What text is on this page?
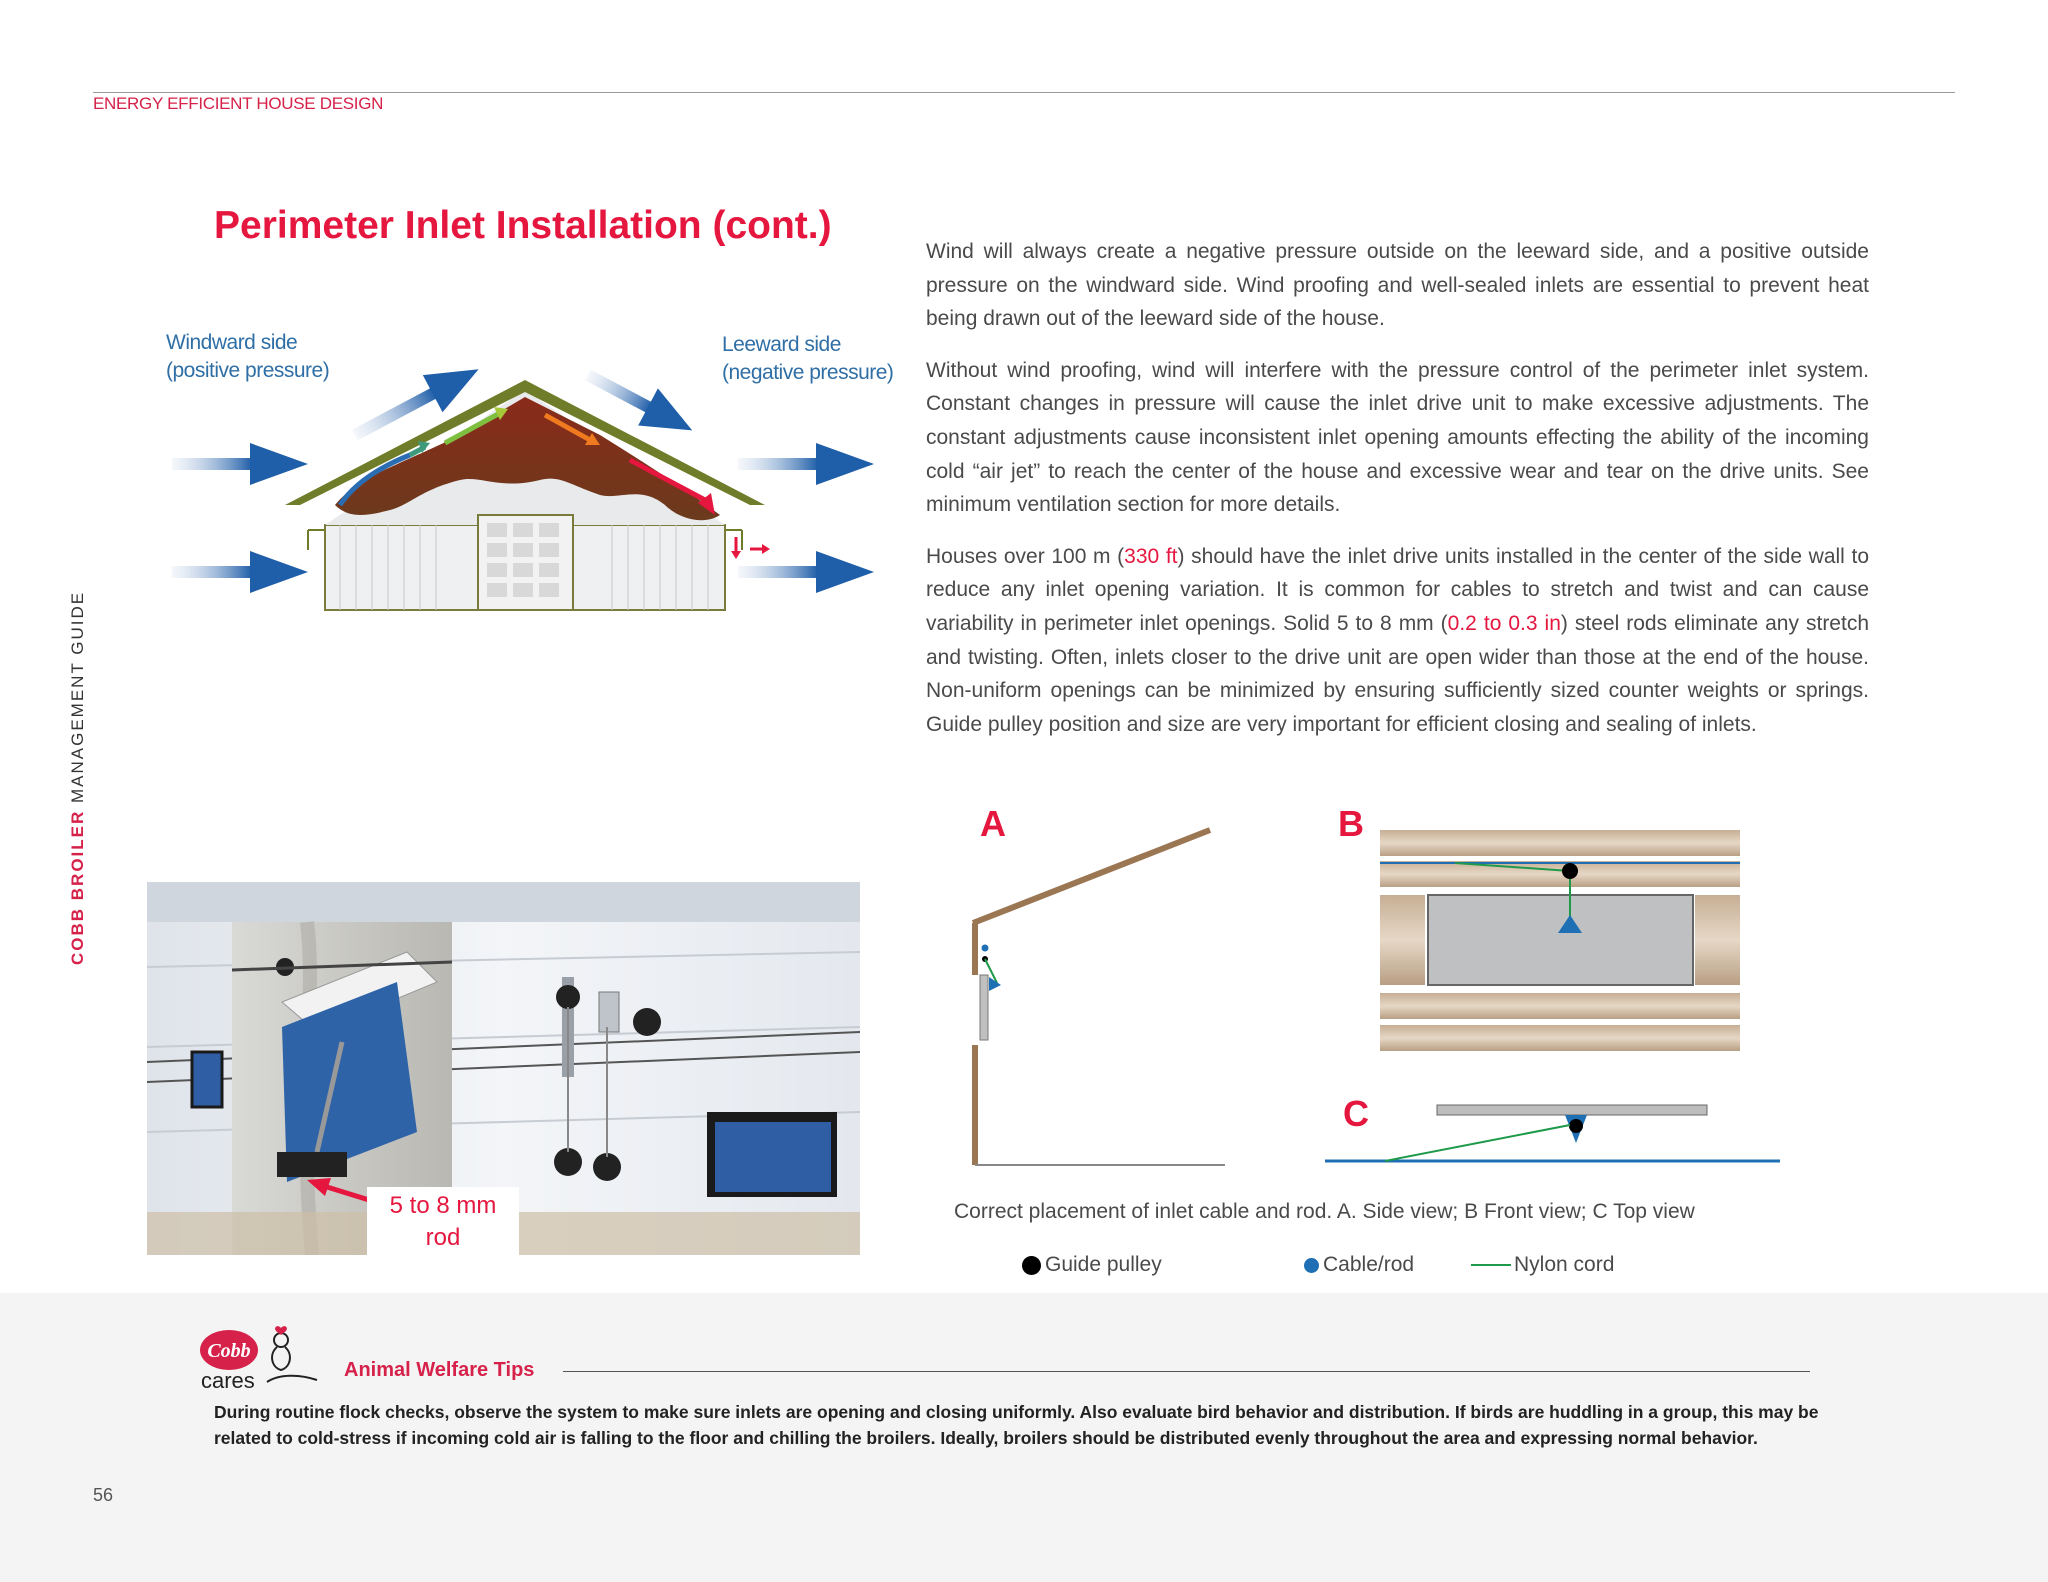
ENERGY EFFICIENT HOUSE DESIGN
COBB BROILER MANAGEMENT GUIDE
Perimeter Inlet Installation (cont.)
Windward side
(positive pressure)
Leeward side
(negative pressure)

Wind will always create a negative pressure outside on the leeward side, and a positive outside pressure on the windward side. Wind proofing and well-sealed inlets are essential to prevent heat being drawn out of the leeward side of the house.

Without wind proofing, wind will interfere with the pressure control of the perimeter inlet system. Constant changes in pressure will cause the inlet drive unit to make excessive adjustments. The constant adjustments cause inconsistent inlet opening amounts effecting the ability of the incoming cold “air jet” to reach the center of the house and excessive wear and tear on the drive units. See minimum ventilation section for more details.

Houses over 100 m (330 ft) should have the inlet drive units installed in the center of the side wall to reduce any inlet opening variation. It is common for cables to stretch and twist and can cause variability in perimeter inlet openings. Solid 5 to 8 mm (0.2 to 0.3 in) steel rods eliminate any stretch and twisting. Often, inlets closer to the drive unit are open wider than those at the end of the house. Non-uniform openings can be minimized by ensuring sufficiently sized counter weights or springs. Guide pulley position and size are very important for efficient closing and sealing of inlets.

5 to 8 mm
rod
A	B
C
Correct placement of inlet cable and rod. A. Side view; B Front view; C Top view
Guide pulley	Cable/rod	Nylon cord
Cobb
cares	Animal Welfare Tips
During routine flock checks, observe the system to make sure inlets are opening and closing uniformly. Also evaluate bird behavior and distribution. If birds are huddling in a group, this may be related to cold-stress if incoming cold air is falling to the floor and chilling the broilers. Ideally, broilers should be distributed evenly throughout the area and expressing normal behavior.
56
